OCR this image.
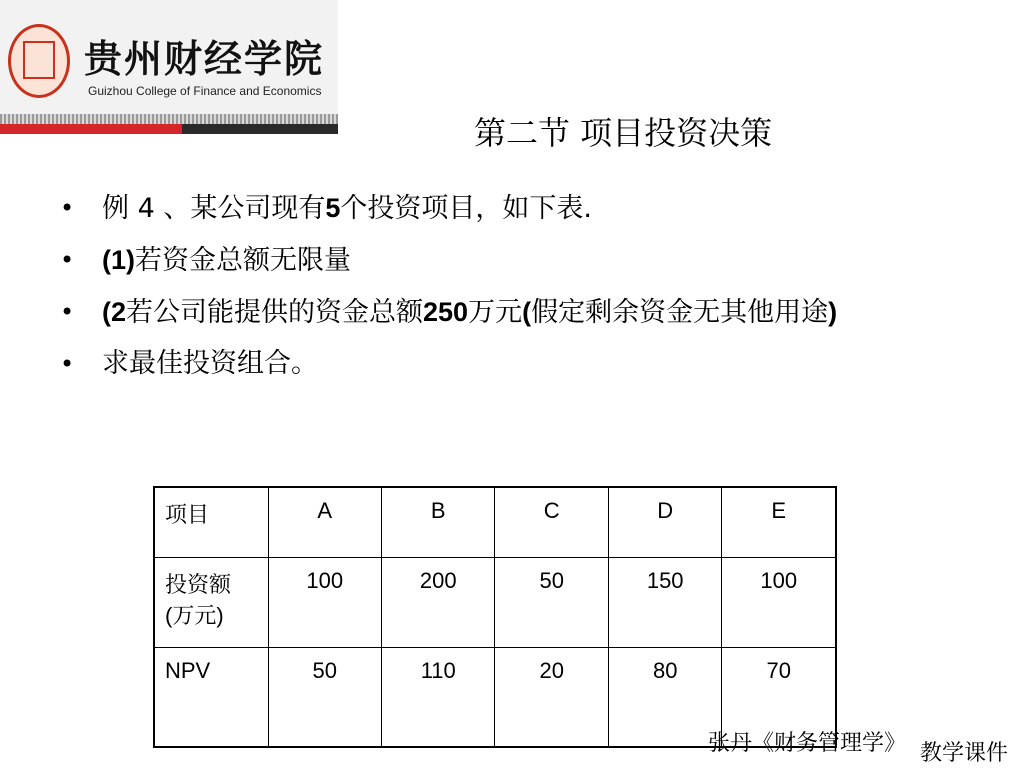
贵州财经学院
Guizhou College of Finance and Economics
第二节 项目投资决策
• 例 4 、某公司现有5个投资项目，如下表.
• (1)若资金总额无限量
• (2若公司能提供的资金总额250万元(假定剩余资金无其他用途)
• 求最佳投资组合。
项目	A	B	C	D	E
投资额(万元)	100	200	50	150	100
NPV	50	110	20	80	70
张丹《财务管理学》 教学课件
